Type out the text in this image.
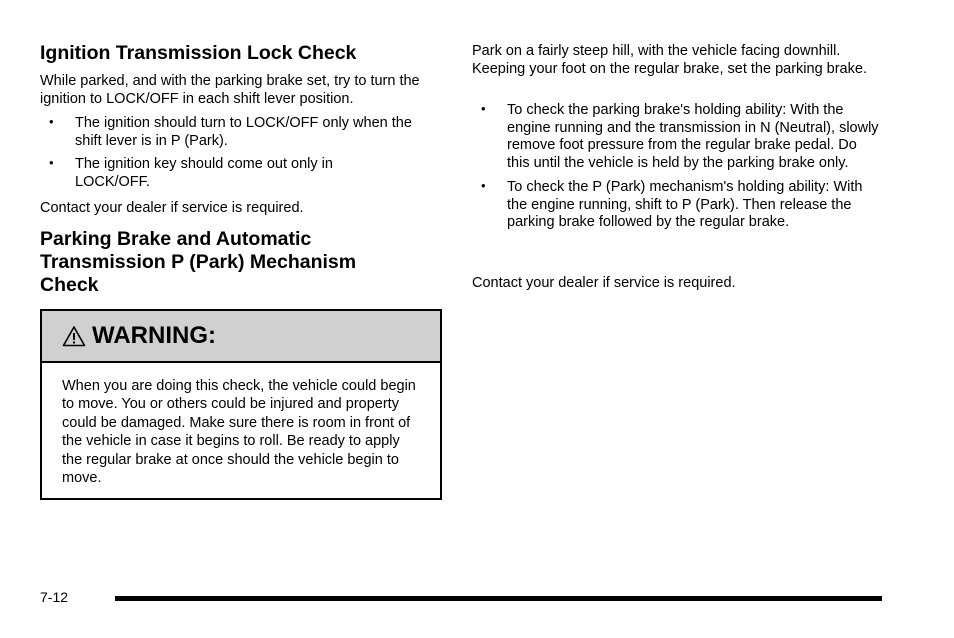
Ignition Transmission Lock Check

While parked, and with the parking brake set, try to turn the ignition to LOCK/OFF in each shift lever position.

• The ignition should turn to LOCK/OFF only when the shift lever is in P (Park).
• The ignition key should come out only in LOCK/OFF.

Contact your dealer if service is required.

Parking Brake and Automatic Transmission P (Park) Mechanism Check
WARNING:

When you are doing this check, the vehicle could begin to move. You or others could be injured and property could be damaged. Make sure there is room in front of the vehicle in case it begins to roll. Be ready to apply the regular brake at once should the vehicle begin to move.

Park on a fairly steep hill, with the vehicle facing downhill. Keeping your foot on the regular brake, set the parking brake.

• To check the parking brake's holding ability: With the engine running and the transmission in N (Neutral), slowly remove foot pressure from the regular brake pedal. Do this until the vehicle is held by the parking brake only.
• To check the P (Park) mechanism's holding ability: With the engine running, shift to P (Park). Then release the parking brake followed by the regular brake.

Contact your dealer if service is required.

7-12
